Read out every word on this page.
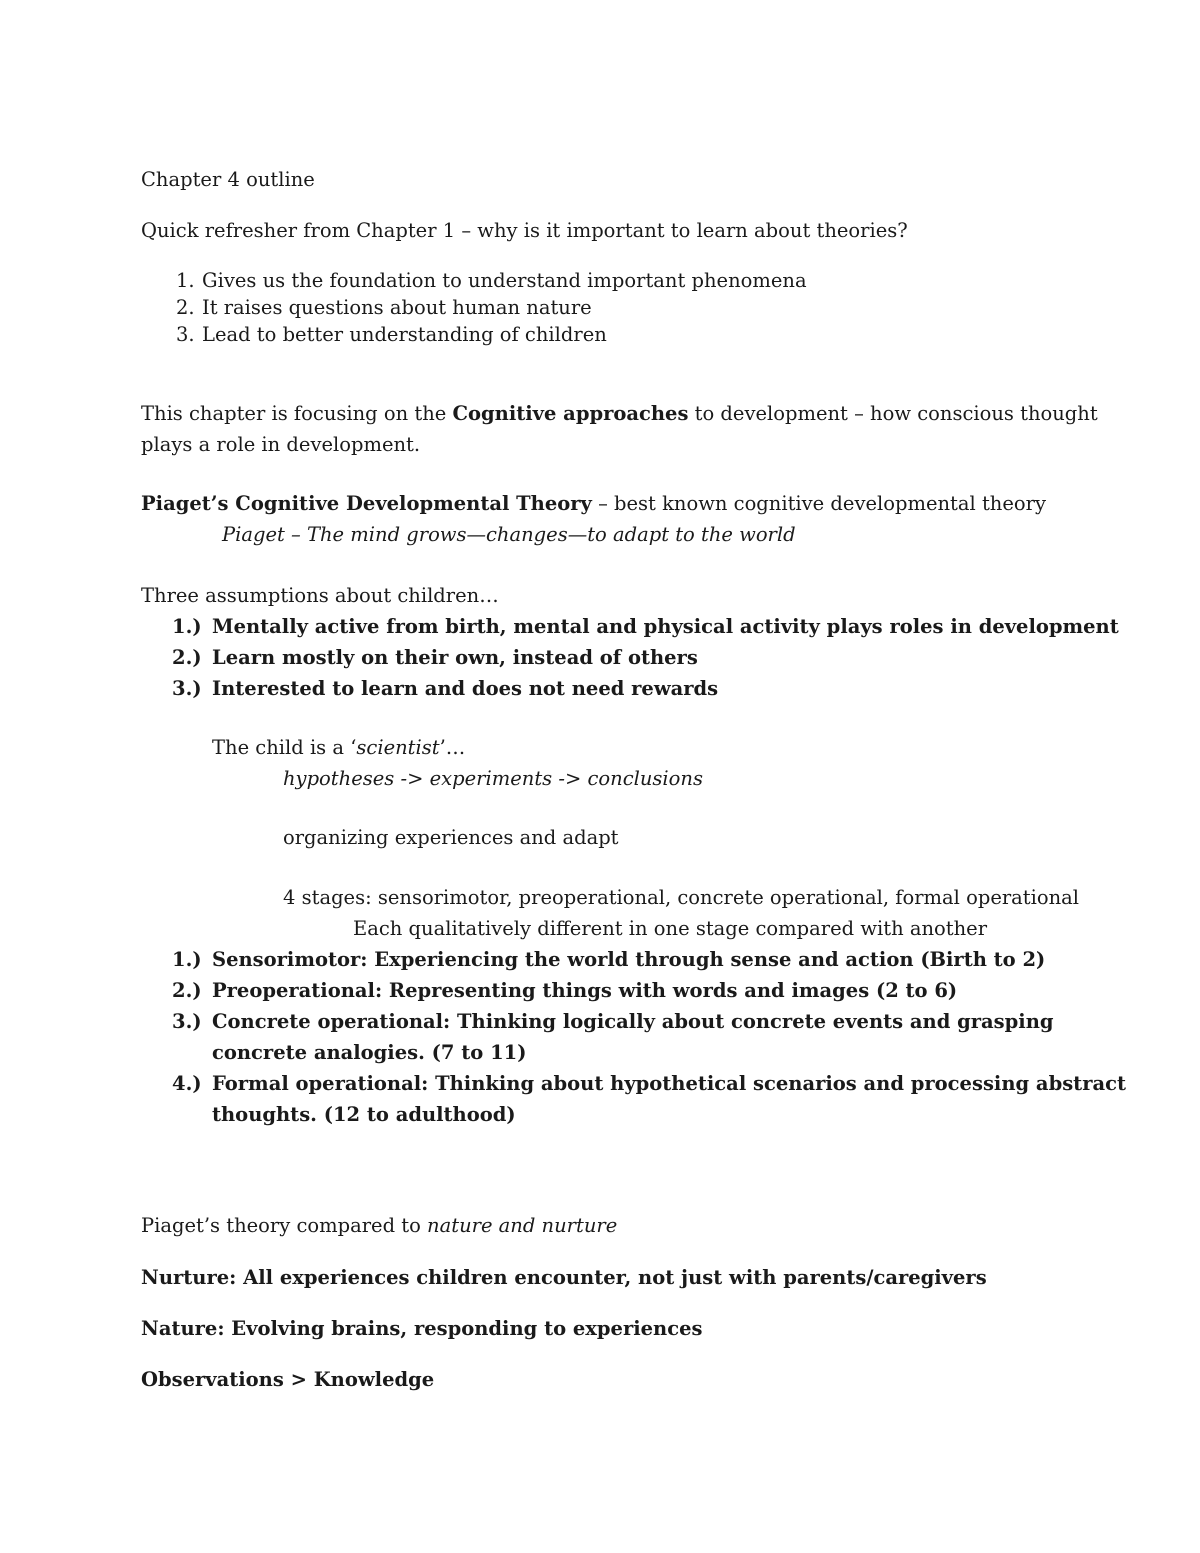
Chapter 4 outline
Quick refresher from Chapter 1 – why is it important to learn about theories?
1. Gives us the foundation to understand important phenomena
2. It raises questions about human nature
3. Lead to better understanding of children
This chapter is focusing on the Cognitive approaches to development – how conscious thought
plays a role in development.
Piaget’s Cognitive Developmental Theory – best known cognitive developmental theory
Piaget – The mind grows—changes—to adapt to the world
Three assumptions about children…
1.) Mentally active from birth, mental and physical activity plays roles in development
2.) Learn mostly on their own, instead of others
3.) Interested to learn and does not need rewards
The child is a ‘scientist’…
hypotheses -> experiments -> conclusions
organizing experiences and adapt
4 stages: sensorimotor, preoperational, concrete operational, formal operational
Each qualitatively different in one stage compared with another
1.) Sensorimotor: Experiencing the world through sense and action (Birth to 2)
2.) Preoperational: Representing things with words and images (2 to 6)
3.) Concrete operational: Thinking logically about concrete events and grasping
concrete analogies. (7 to 11)
4.) Formal operational: Thinking about hypothetical scenarios and processing abstract
thoughts. (12 to adulthood)
Piaget’s theory compared to nature and nurture
Nurture: All experiences children encounter, not just with parents/caregivers
Nature: Evolving brains, responding to experiences
Observations > Knowledge
